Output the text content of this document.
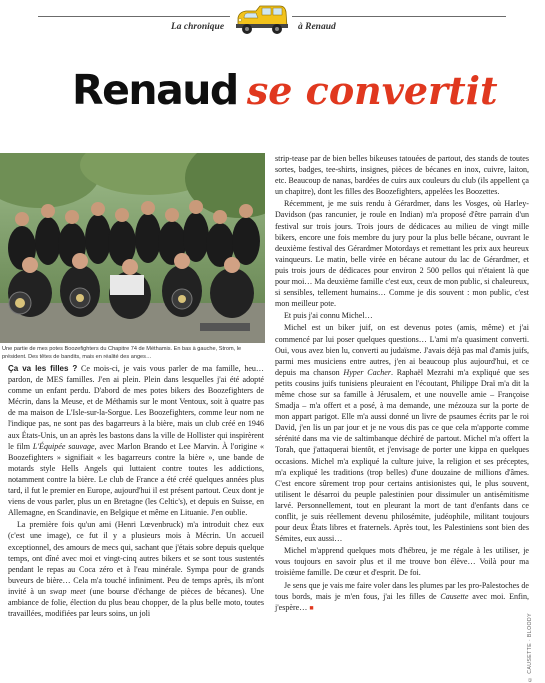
La chronique	à Renaud
Renaud se convertit
Une partie de mes potes Boozefighters du Chapitre 74 de Méthamis. En bas à gauche, Strom, le président. Des têtes de bandits, mais en réalité des anges…

Ça va les filles ? Ce mois-ci, je vais vous parler de ma famille, heu… pardon, de MES familles. J'en ai plein. Plein dans lesquelles j'ai été adopté comme un enfant perdu. D'abord de mes potes bikers des Boozefighters de Mécrin, dans la Meuse, et de Méthamis sur le mont Ventoux, soit à quatre pas de ma maison de L'Isle-sur-la-Sorgue. Les Boozefighters, comme leur nom ne l'indique pas, ne sont pas des bagarreurs à la bière, mais un club créé en 1946 aux États-Unis, un an après les bastons dans la ville de Hollister qui inspirèrent le film L'Équipée sauvage, avec Marlon Brando et Lee Marvin. À l'origine « Boozefighters » signifiait « les bagarreurs contre la bière », une bande de motards style Hells Angels qui luttaient contre toutes les addictions, notamment contre la bière. Le club de France a été créé quelques années plus tard, il fut le premier en Europe, aujourd'hui il est présent partout. Ceux dont je viens de vous parler, plus un en Bretagne (les Celtic's), et depuis en Suisse, en Allemagne, en Scandinavie, en Belgique et même en Lituanie. J'en oublie.

La première fois qu'un ami (Henri Lœvenbruck) m'a introduit chez eux (c'est une image), ce fut il y a plusieurs mois à Mécrin. Un accueil exceptionnel, des amours de mecs qui, sachant que j'étais sobre depuis quelque temps, ont dîné avec moi et vingt-cinq autres bikers et se sont tous sustentés pendant le repas au Coca zéro et à l'eau minérale. Sympa pour de grands buveurs de bière… Cela m'a touché infiniment. Peu de temps après, ils m'ont invité à un swap meet (une bourse d'échange de pièces de bécanes). Une ambiance de folie, élection du plus beau chopper, de la plus belle moto, toutes travaillées, modifiées par leurs soins, un joli

strip-tease par de bien belles bikeuses tatouées de partout, des stands de toutes sortes, badges, tee-shirts, insignes, pièces de bécanes en inox, cuivre, laiton, etc. Beaucoup de nanas, bardées de cuirs aux couleurs du club (ils appellent ça un chapitre), dont les filles des Boozefighters, appelées les Boozettes.

Récemment, je me suis rendu à Gérardmer, dans les Vosges, où Harley-Davidson (pas rancunier, je roule en Indian) m'a proposé d'être parrain d'un festival sur trois jours. Trois jours de dédicaces au milieu de vingt mille bikers, encore une fois membre du jury pour la plus belle bécane, ouvrant le deuxième festival des Gérardmer Motordays et remettant les prix aux heureux vainqueurs. Le matin, belle virée en bécane autour du lac de Gérardmer, et puis trois jours de dédicaces pour environ 2 500 pellos qui n'étaient là que pour moi… Ma deuxième famille c'est eux, ceux de mon public, si chaleureux, si sensibles, tellement humains… Comme je dis souvent : mon public, c'est mon meilleur pote.

Et puis j'ai connu Michel…

Michel est un biker juif, on est devenus potes (amis, même) et j'ai commencé par lui poser quelques questions… L'ami m'a quasiment converti. Oui, vous avez bien lu, converti au judaïsme. J'avais déjà pas mal d'amis juifs, parmi mes musiciens entre autres, j'en ai beaucoup plus aujourd'hui, et ce depuis ma chanson Hyper Cacher. Raphaël Mezrahi m'a expliqué que ses petits cousins juifs tunisiens pleuraient en l'écoutant, Philippe Draï m'a dit la même chose sur sa famille à Jérusalem, et une nouvelle amie – Françoise Smadja – m'a offert et a posé, à ma demande, une mézouza sur la porte de mon appart parigot. Elle m'a aussi donné un livre de psaumes écrits par le roi David, j'en lis un par jour et je ne vous dis pas ce que cela m'apporte comme sérénité dans ma vie de saltimbanque déchiré de partout. Michel m'a offert la Torah, que j'attaquerai bientôt, et j'envisage de porter une kippa en quelques occasions. Michel m'a expliqué la culture juive, la religion et ses préceptes, m'a expliqué les traditions (trop belles) d'une douzaine de millions d'âmes. C'est encore sûrement trop pour certains antisionistes qui, le plus souvent, utilisent le désarroi du peuple palestinien pour dissimuler un antisémitisme larvé. Personnellement, tout en pleurant la mort de tant d'enfants dans ce conflit, je suis réellement devenu philosémite, judéophile, militant toujours pour deux États libres et fraternels. Après tout, les Palestiniens sont bien des Sémites, eux aussi…

Michel m'apprend quelques mots d'hébreu, je me régale à les utiliser, je vous toujours en savoir plus et il me trouve bon élève… Voilà pour ma troisième famille. De cœur et d'esprit. De foi.

Je sens que je vais me faire voler dans les plumes par les pro-Palestoches de tous bords, mais je m'en fous, j'ai les filles de Causette avec moi. Enfin, j'espère… ■

© CAUSETTE · BLOODY
